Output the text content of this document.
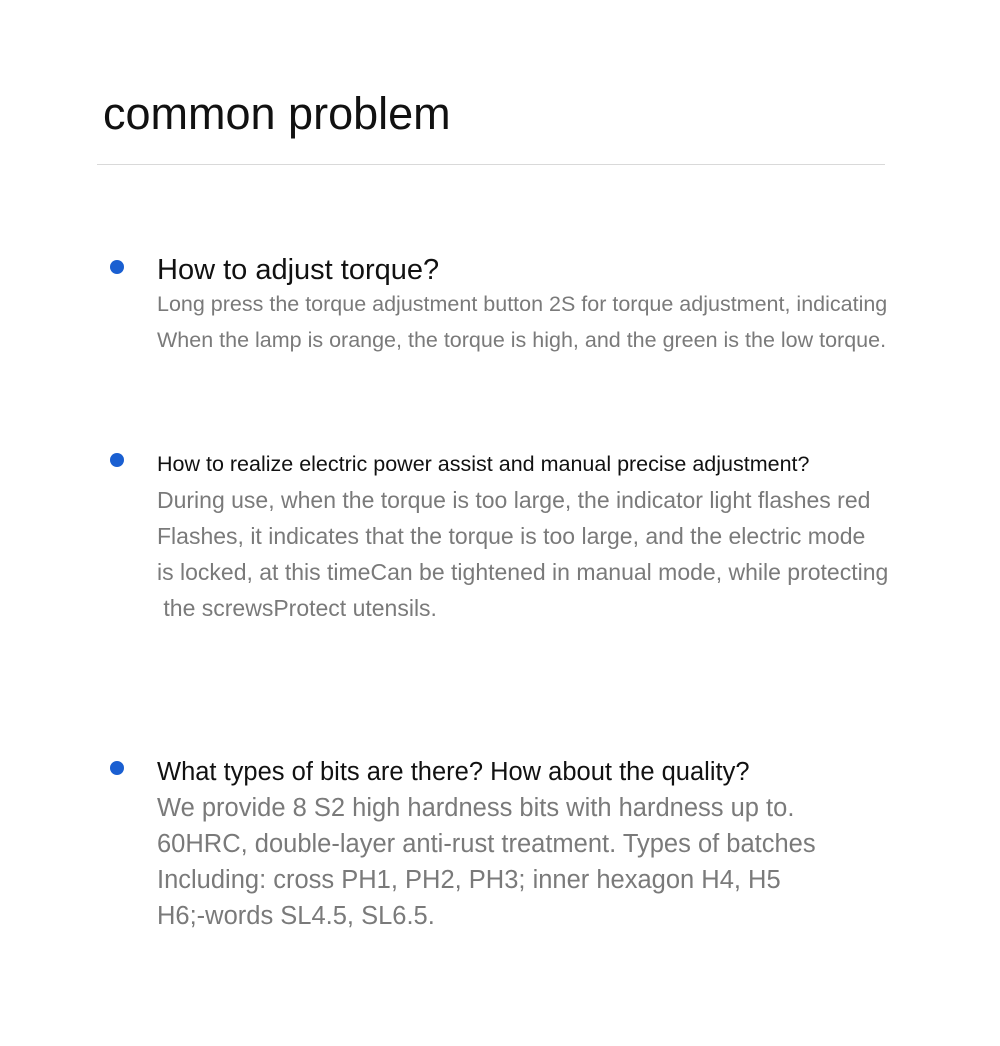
common problem
How to adjust torque?
Long press the torque adjustment button 2S for torque adjustment, indicating
When the lamp is orange, the torque is high, and the green is the low torque.
How to realize electric power assist and manual precise adjustment?
During use, when the torque is too large, the indicator light flashes red
Flashes, it indicates that the torque is too large, and the electric mode
is locked, at this timeCan be tightened in manual mode, while protecting
the screwsProtect utensils.
What types of bits are there? How about the quality?
We provide 8 S2 high hardness bits with hardness up to.
60HRC, double-layer anti-rust treatment. Types of batches
Including: cross PH1, PH2, PH3; inner hexagon H4, H5
H6;-words SL4.5, SL6.5.
